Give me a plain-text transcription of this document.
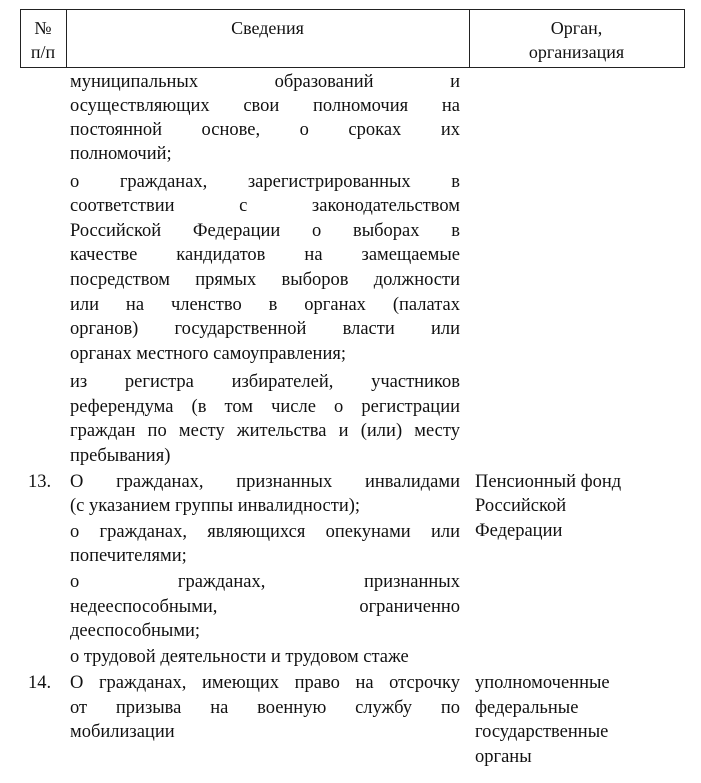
№
п/п
Сведения	Орган,
организация
муниципальных образований и
осуществляющих свои полномочия на
постоянной основе, о сроках их
полномочий;
о гражданах, зарегистрированных в
соответствии с законодательством
Российской Федерации о выборах в
качестве кандидатов на замещаемые
посредством прямых выборов должности
или на членство в органах (палатах
органов) государственной власти или
органах местного самоуправления;
из регистра избирателей, участников
референдума (в том числе о регистрации
граждан по месту жительства и (или) месту
пребывания)
13. О гражданах, признанных инвалидами
(с указанием группы инвалидности);
о гражданах, являющихся опекунами или
попечителями;
о гражданах, признанных
недееспособными, ограниченно
дееспособными;
о трудовой деятельности и трудовом стаже
Пенсионный фонд
Российской
Федерации
14. О гражданах, имеющих право на отсрочку
от призыва на военную службу по
мобилизации
уполномоченные
федеральные
государственные
органы
